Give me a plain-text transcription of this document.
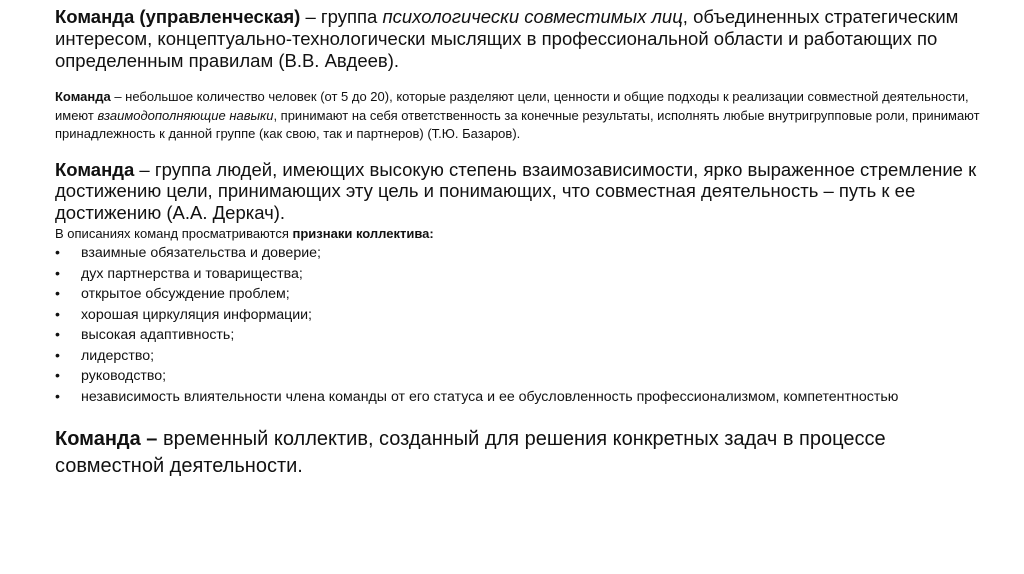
Команда (управленческая) – группа психологически совместимых лиц, объединенных стратегическим интересом, концептуально-технологически мыслящих в профессиональной области и работающих по определенным правилам (В.В. Авдеев).

Команда – небольшое количество человек (от 5 до 20), которые разделяют цели, ценности и общие подходы к реализации совместной деятельности, имеют взаимодополняющие навыки, принимают на себя ответственность за конечные результаты, исполнять любые внутригрупповые роли, принимают принадлежность к данной группе (как свою, так и партнеров) (Т.Ю. Базаров).

Команда – группа людей, имеющих высокую степень взаимозависимости, ярко выраженное стремление к достижению цели, принимающих эту цель и понимающих, что совместная деятельность – путь к ее достижению (А.А. Деркач).

В описаниях команд просматриваются признаки коллектива:

• взаимные обязательства и доверие;
• дух партнерства и товарищества;
• открытое обсуждение проблем;
• хорошая циркуляция информации;
• высокая адаптивность;
• лидерство;
• руководство;
• независимость влиятельности члена команды от его статуса и ее обусловленность профессионализмом, компетентностью

Команда – временный коллектив, созданный для решения конкретных задач в процессе совместной деятельности.
